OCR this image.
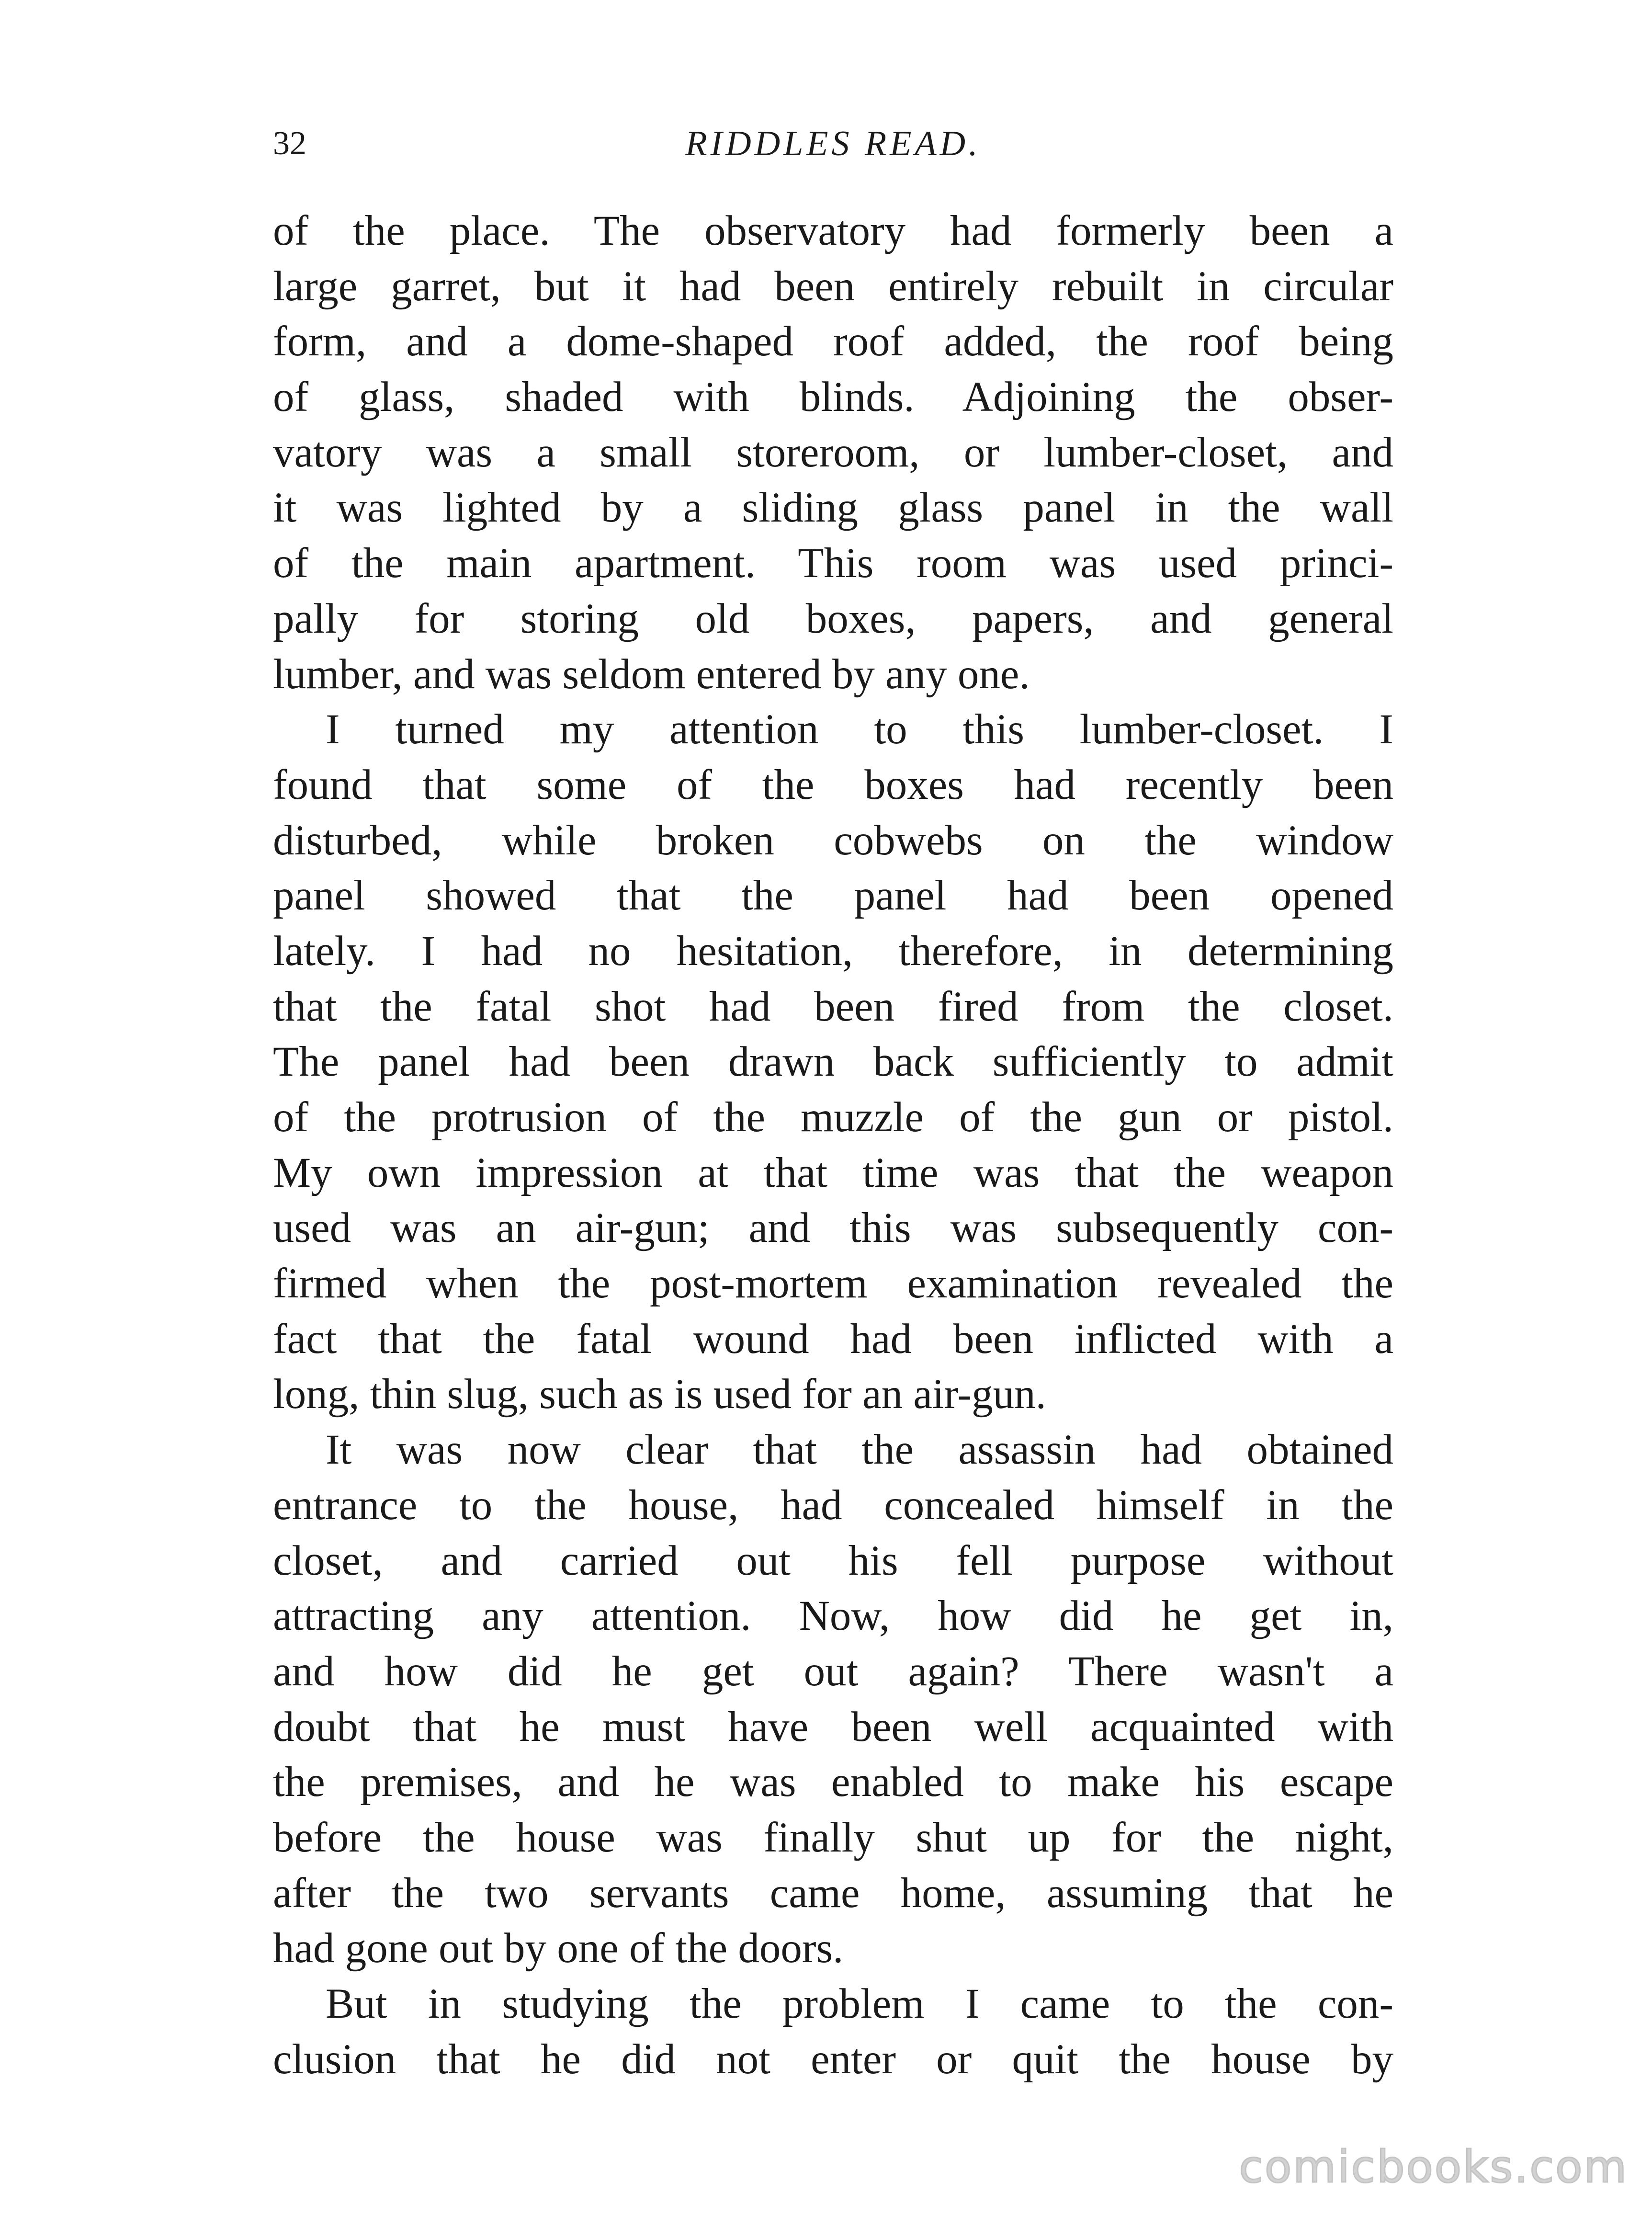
32	RIDDLES READ.
of the place. The observatory had formerly been a
large garret, but it had been entirely rebuilt in circular
form, and a dome-shaped roof added, the roof being
of glass, shaded with blinds. Adjoining the obser-
vatory was a small storeroom, or lumber-closet, and
it was lighted by a sliding glass panel in the wall
of the main apartment. This room was used princi-
pally for storing old boxes, papers, and general
lumber, and was seldom entered by any one.
I turned my attention to this lumber-closet. I
found that some of the boxes had recently been
disturbed, while broken cobwebs on the window
panel showed that the panel had been opened
lately. I had no hesitation, therefore, in determining
that the fatal shot had been fired from the closet.
The panel had been drawn back sufficiently to admit
of the protrusion of the muzzle of the gun or pistol.
My own impression at that time was that the weapon
used was an air-gun; and this was subsequently con-
firmed when the post-mortem examination revealed the
fact that the fatal wound had been inflicted with a
long, thin slug, such as is used for an air-gun.
It was now clear that the assassin had obtained
entrance to the house, had concealed himself in the
closet, and carried out his fell purpose without
attracting any attention. Now, how did he get in,
and how did he get out again? There wasn't a
doubt that he must have been well acquainted with
the premises, and he was enabled to make his escape
before the house was finally shut up for the night,
after the two servants came home, assuming that he
had gone out by one of the doors.
But in studying the problem I came to the con-
clusion that he did not enter or quit the house by
comicbooks.com
